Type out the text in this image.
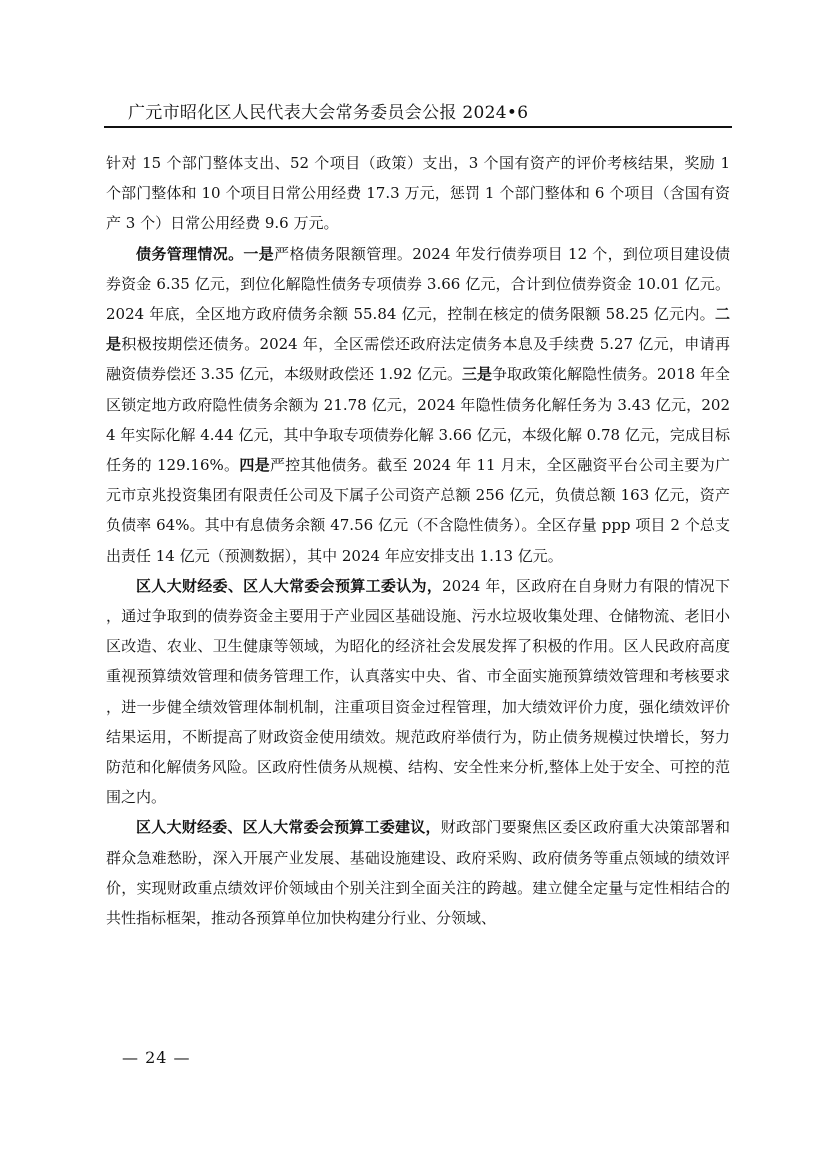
广元市昭化区人民代表大会常务委员会公报 2024•6

针对 15 个部门整体支出、52 个项目（政策）支出，3 个国有资产的评价考核结果，奖励 1 个部门整体和 10 个项目日常公用经费 17.3 万元，惩罚 1 个部门整体和 6 个项目（含国有资产 3 个）日常公用经费 9.6 万元。

债务管理情况。一是严格债务限额管理。2024 年发行债券项目 12 个，到位项目建设债券资金 6.35 亿元，到位化解隐性债务专项债券 3.66 亿元，合计到位债券资金 10.01 亿元。2024 年底，全区地方政府债务余额 55.84 亿元，控制在核定的债务限额 58.25 亿元内。二是积极按期偿还债务。2024 年，全区需偿还政府法定债务本息及手续费 5.27 亿元，申请再融资债券偿还 3.35 亿元，本级财政偿还 1.92 亿元。三是争取政策化解隐性债务。2018 年全区锁定地方政府隐性债务余额为 21.78 亿元，2024 年隐性债务化解任务为 3.43 亿元，2024 年实际化解 4.44 亿元，其中争取专项债券化解 3.66 亿元，本级化解 0.78 亿元，完成目标任务的 129.16%。四是严控其他债务。截至 2024 年 11 月末，全区融资平台公司主要为广元市京兆投资集团有限责任公司及下属子公司资产总额 256 亿元，负债总额 163 亿元，资产负债率 64%。其中有息债务余额 47.56 亿元（不含隐性债务）。全区存量 ppp 项目 2 个总支出责任 14 亿元（预测数据），其中 2024 年应安排支出 1.13 亿元。

区人大财经委、区人大常委会预算工委认为，2024 年，区政府在自身财力有限的情况下，通过争取到的债券资金主要用于产业园区基础设施、污水垃圾收集处理、仓储物流、老旧小区改造、农业、卫生健康等领域，为昭化的经济社会发展发挥了积极的作用。区人民政府高度重视预算绩效管理和债务管理工作，认真落实中央、省、市全面实施预算绩效管理和考核要求，进一步健全绩效管理体制机制，注重项目资金过程管理，加大绩效评价力度，强化绩效评价结果运用，不断提高了财政资金使用绩效。规范政府举债行为，防止债务规模过快增长，努力防范和化解债务风险。区政府性债务从规模、结构、安全性来分析,整体上处于安全、可控的范围之内。

区人大财经委、区人大常委会预算工委建议，财政部门要聚焦区委区政府重大决策部署和群众急难愁盼，深入开展产业发展、基础设施建设、政府采购、政府债务等重点领域的绩效评价，实现财政重点绩效评价领域由个别关注到全面关注的跨越。建立健全定量与定性相结合的共性指标框架，推动各预算单位加快构建分行业、分领域、

— 24 —
